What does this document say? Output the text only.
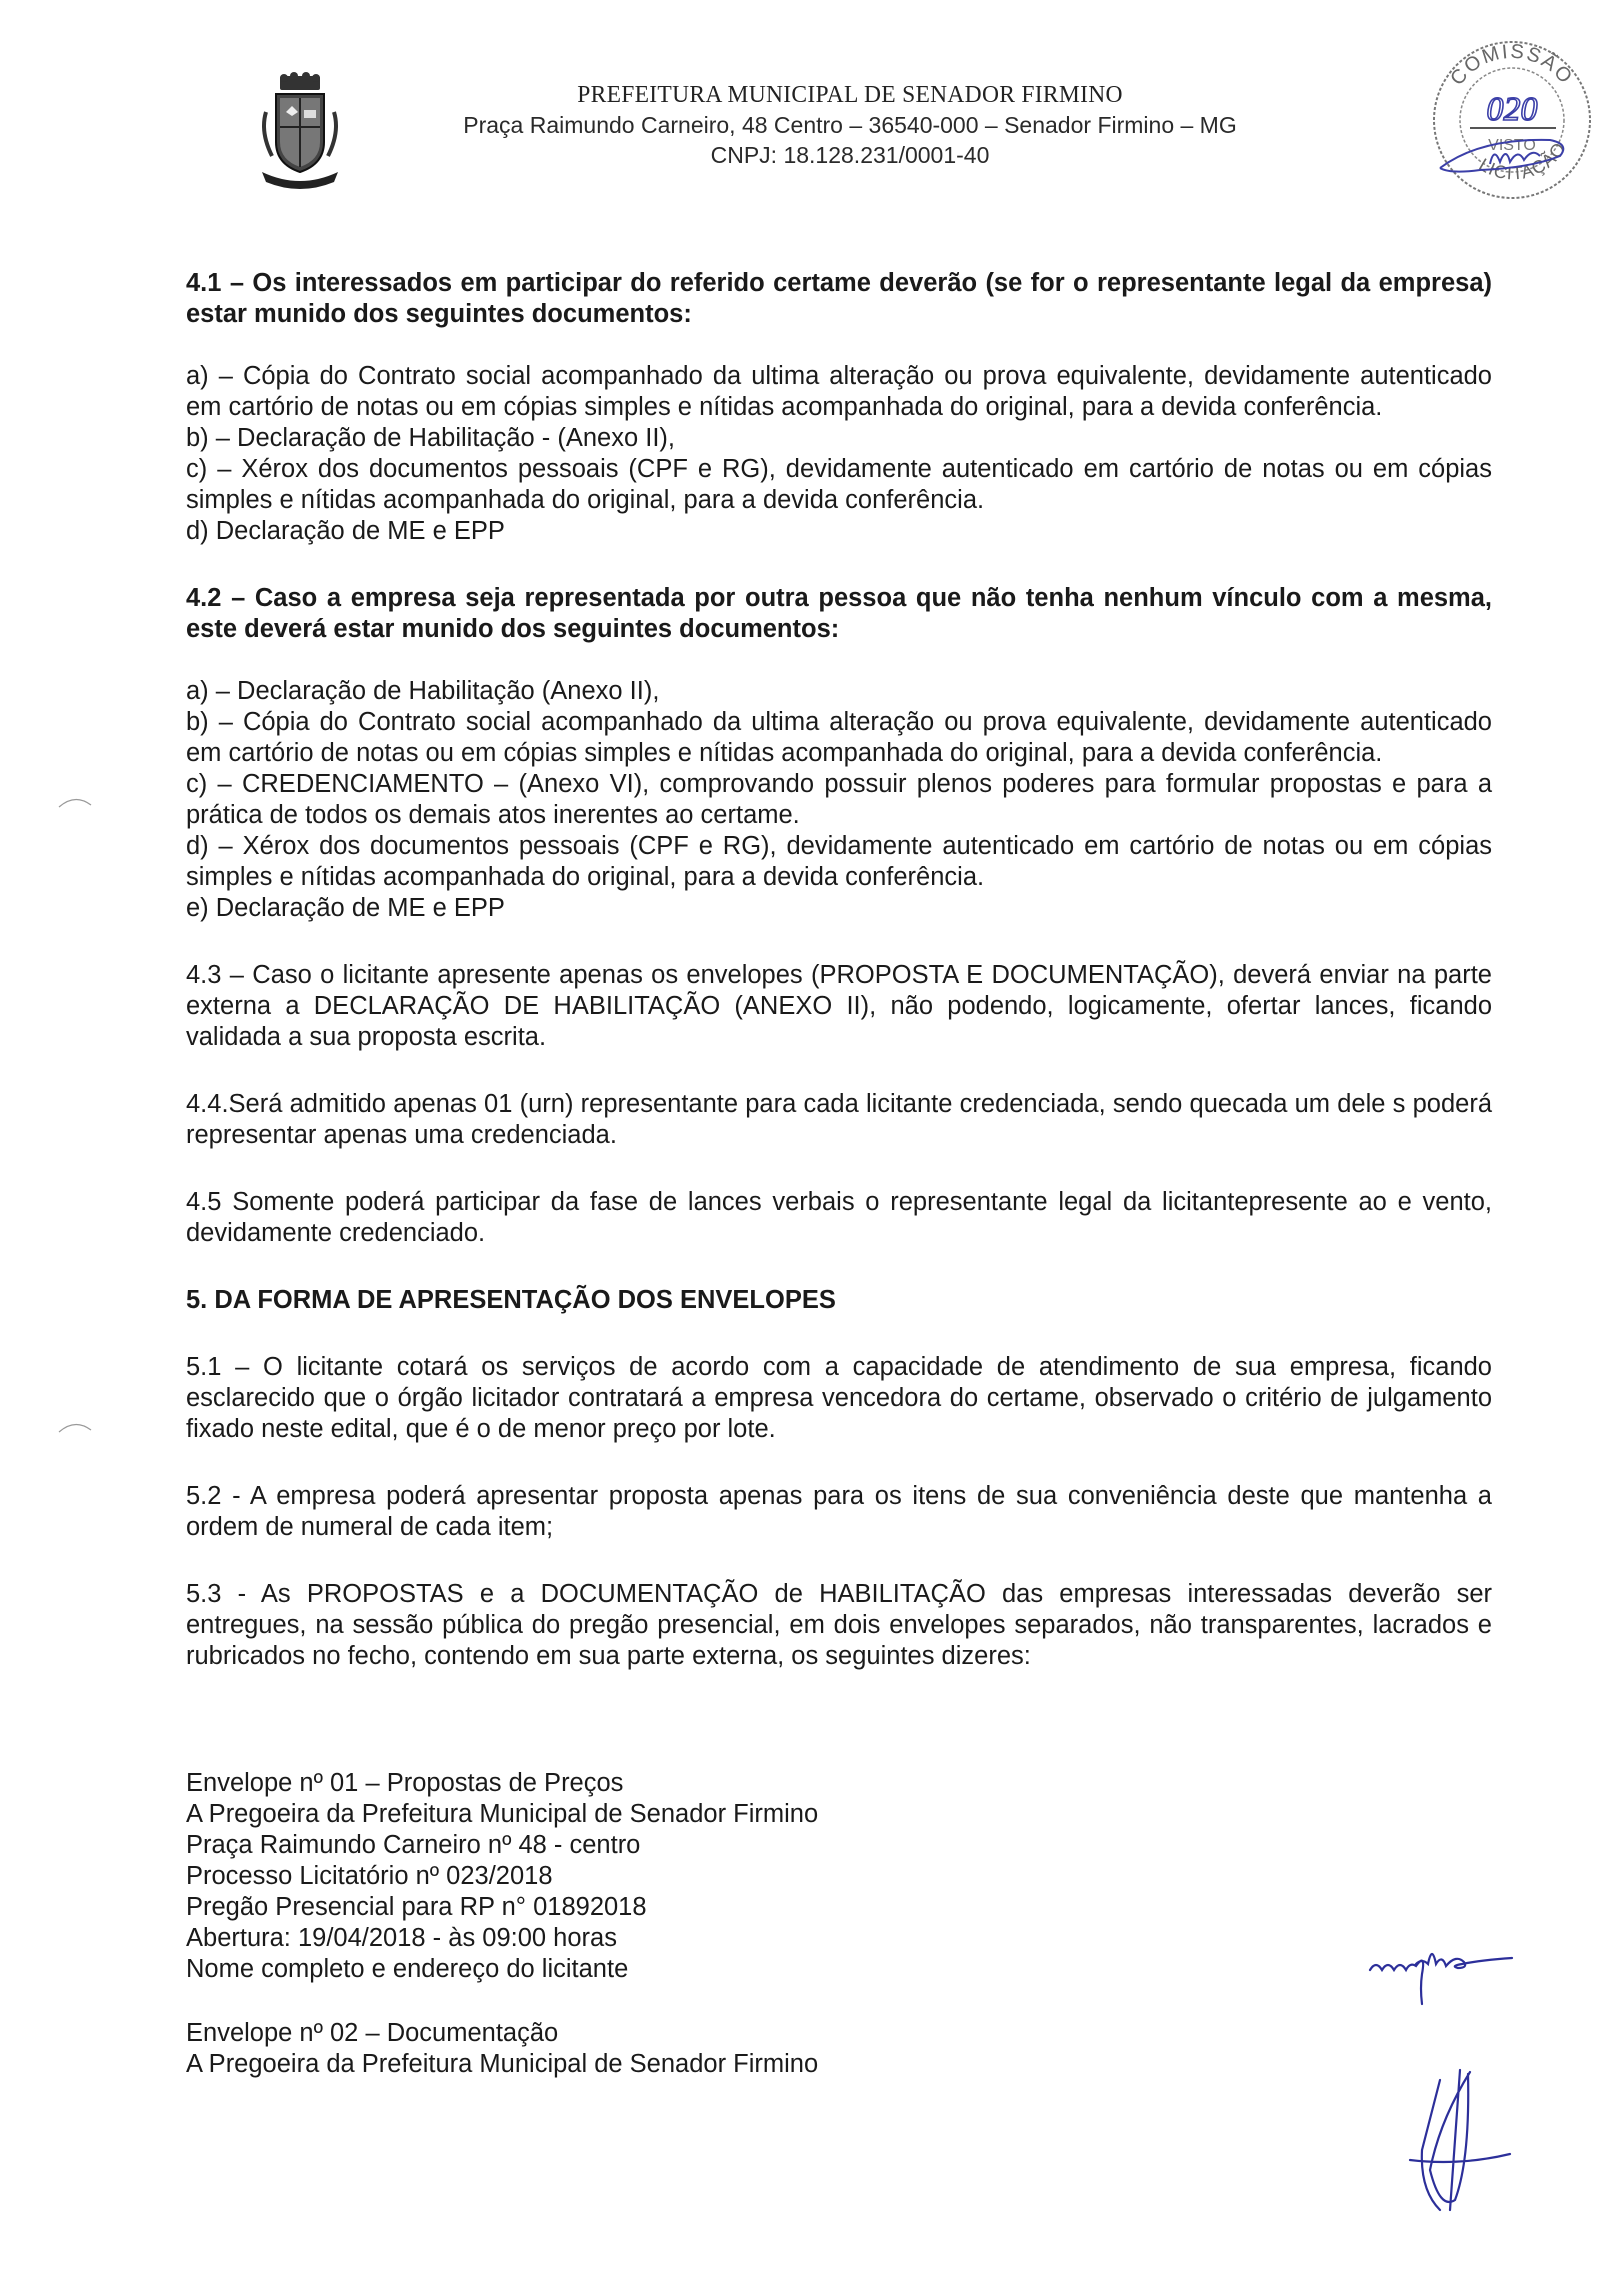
PREFEITURA MUNICIPAL DE SENADOR FIRMINO
Praça Raimundo Carneiro, 48 Centro – 36540-000 – Senador Firmino – MG
CNPJ: 18.128.231/0001-40
COMISSÃO
LICITAÇÃO
020
VISTO

4.1 – Os interessados em participar do referido certame deverão (se for o representante legal da empresa) estar munido dos seguintes documentos:

a) – Cópia do Contrato social acompanhado da ultima alteração ou prova equivalente, devidamente autenticado em cartório de notas ou em cópias simples e nítidas acompanhada do original, para a devida conferência.

b) – Declaração de Habilitação - (Anexo II),

c) – Xérox dos documentos pessoais (CPF e RG), devidamente autenticado em cartório de notas ou em cópias simples e nítidas acompanhada do original, para a devida conferência.

d) Declaração de ME e EPP

4.2 – Caso a empresa seja representada por outra pessoa que não tenha nenhum vínculo com a mesma, este deverá estar munido dos seguintes documentos:

a) – Declaração de Habilitação (Anexo II),

b) – Cópia do Contrato social acompanhado da ultima alteração ou prova equivalente, devidamente autenticado em cartório de notas ou em cópias simples e nítidas acompanhada do original, para a devida conferência.

c) – CREDENCIAMENTO – (Anexo VI), comprovando possuir plenos poderes para formular propostas e para a prática de todos os demais atos inerentes ao certame.

d) – Xérox dos documentos pessoais (CPF e RG), devidamente autenticado em cartório de notas ou em cópias simples e nítidas acompanhada do original, para a devida conferência.

e) Declaração de ME e EPP

4.3 – Caso o licitante apresente apenas os envelopes (PROPOSTA E DOCUMENTAÇÃO), deverá enviar na parte externa a DECLARAÇÃO DE HABILITAÇÃO (ANEXO II), não podendo, logicamente, ofertar lances, ficando validada a sua proposta escrita.

4.4.Será admitido apenas 01 (urn) representante para cada licitante credenciada, sendo quecada um dele s poderá representar apenas uma credenciada.

4.5 Somente poderá participar da fase de lances verbais o representante legal da licitantepresente ao e vento, devidamente credenciado.

5. DA FORMA DE APRESENTAÇÃO DOS ENVELOPES

5.1 – O licitante cotará os serviços de acordo com a capacidade de atendimento de sua empresa, ficando esclarecido que o órgão licitador contratará a empresa vencedora do certame, observado o critério de julgamento fixado neste edital, que é o de menor preço por lote.

5.2 - A empresa poderá apresentar proposta apenas para os itens de sua conveniência deste que mantenha a ordem de numeral de cada item;

5.3 - As PROPOSTAS e a DOCUMENTAÇÃO de HABILITAÇÃO das empresas interessadas deverão ser entregues, na sessão pública do pregão presencial, em dois envelopes separados, não transparentes, lacrados e rubricados no fecho, contendo em sua parte externa, os seguintes dizeres:

Envelope nº 01 – Propostas de Preços
A Pregoeira da Prefeitura Municipal de Senador Firmino
Praça Raimundo Carneiro nº 48 - centro
Processo Licitatório nº 023/2018
Pregão Presencial para RP n° 01892018
Abertura: 19/04/2018 - às 09:00 horas
Nome completo e endereço do licitante
Envelope nº 02 – Documentação
A Pregoeira da Prefeitura Municipal de Senador Firmino
